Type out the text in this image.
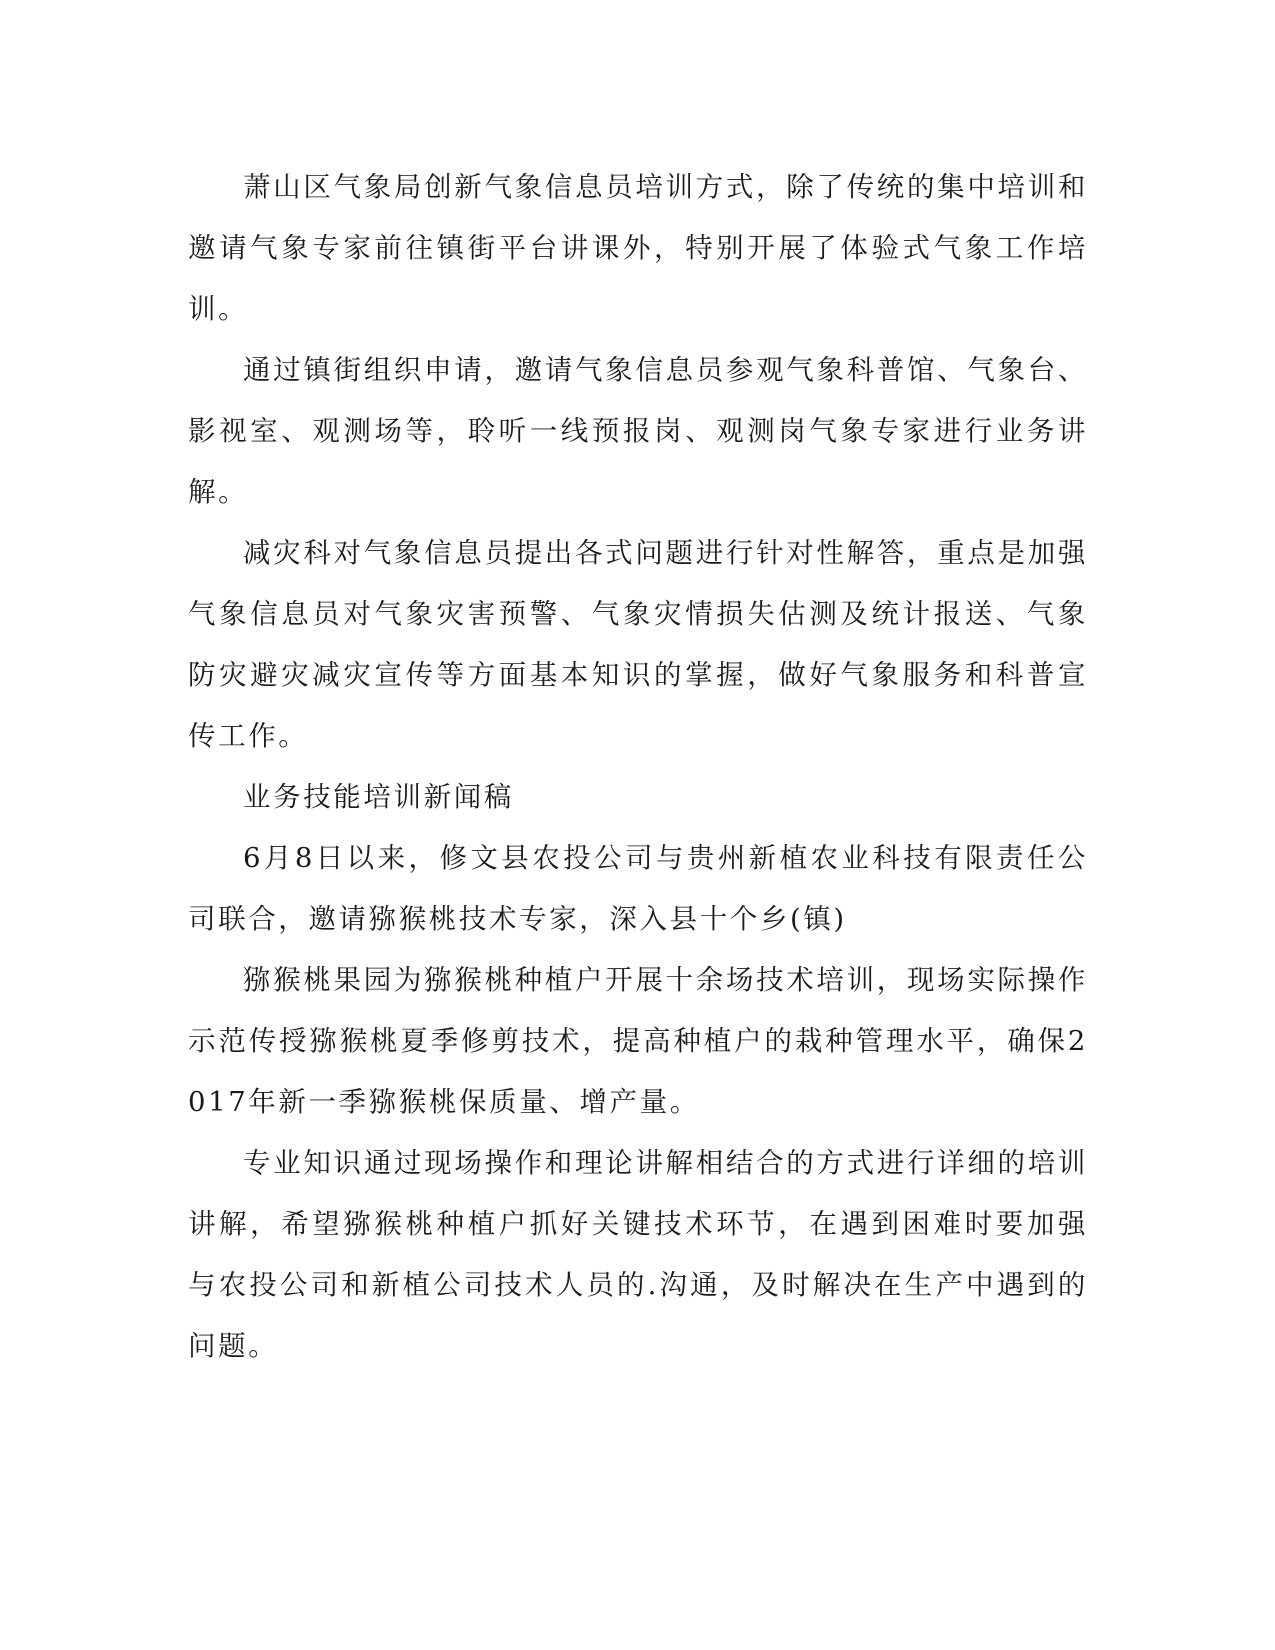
萧山区气象局创新气象信息员培训方式，除了传统的集中培训和邀请气象专家前往镇街平台讲课外，特别开展了体验式气象工作培训。

通过镇街组织申请，邀请气象信息员参观气象科普馆、气象台、影视室、观测场等，聆听一线预报岗、观测岗气象专家进行业务讲解。

减灾科对气象信息员提出各式问题进行针对性解答，重点是加强气象信息员对气象灾害预警、气象灾情损失估测及统计报送、气象防灾避灾减灾宣传等方面基本知识的掌握，做好气象服务和科普宣传工作。

业务技能培训新闻稿

6月8日以来，修文县农投公司与贵州新植农业科技有限责任公司联合，邀请猕猴桃技术专家，深入县十个乡(镇)

猕猴桃果园为猕猴桃种植户开展十余场技术培训，现场实际操作示范传授猕猴桃夏季修剪技术，提高种植户的栽种管理水平，确保2017年新一季猕猴桃保质量、增产量。

专业知识通过现场操作和理论讲解相结合的方式进行详细的培训讲解，希望猕猴桃种植户抓好关键技术环节，在遇到困难时要加强与农投公司和新植公司技术人员的.沟通，及时解决在生产中遇到的问题。
